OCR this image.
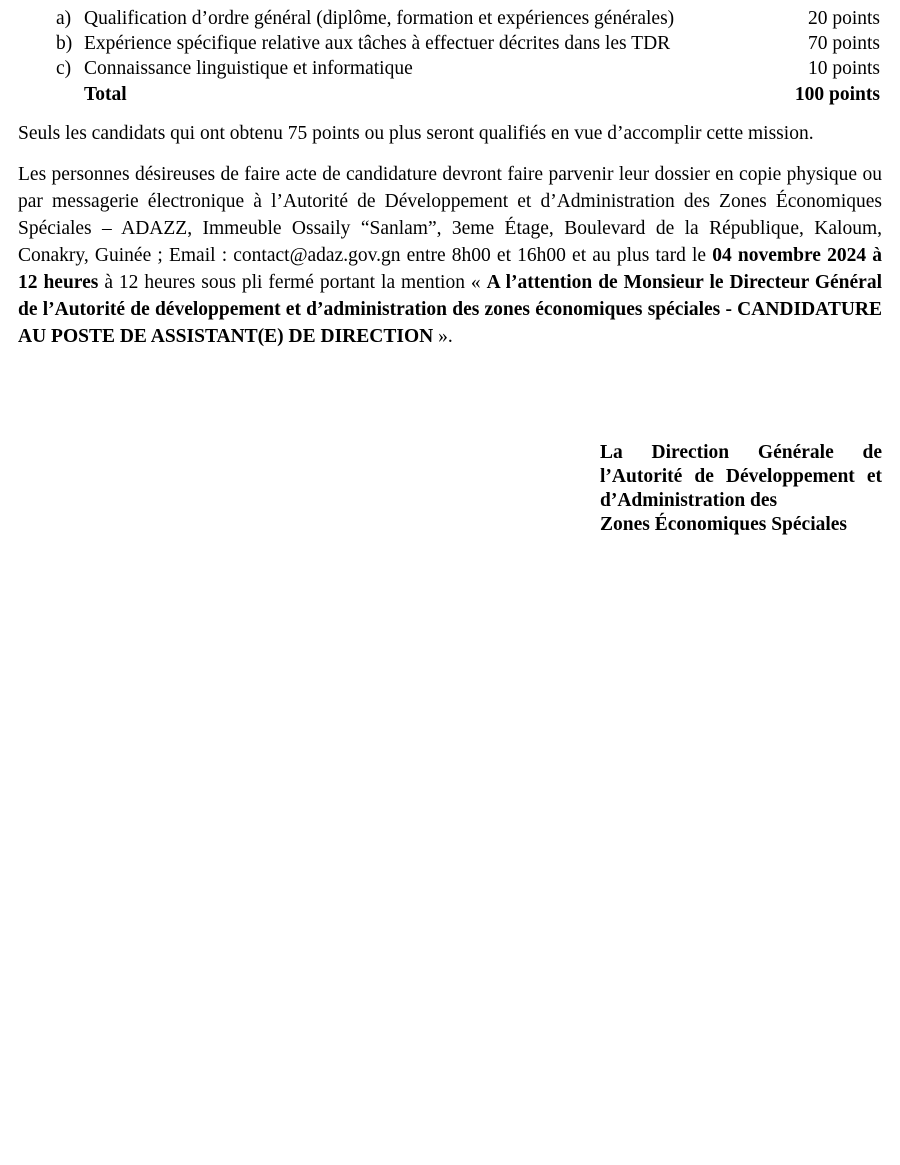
a) Qualification d’ordre général (diplôme, formation et expériences générales)	20 points
b) Expérience spécifique relative aux tâches à effectuer décrites dans les TDR	70 points
c) Connaissance linguistique et informatique	10 points
Total	100 points

Seuls les candidats qui ont obtenu 75 points ou plus seront qualifiés en vue d’accomplir cette mission.

Les personnes désireuses de faire acte de candidature devront faire parvenir leur dossier en copie physique ou par messagerie électronique à l’Autorité de Développement et d’Administration des Zones Économiques Spéciales – ADAZZ, Immeuble Ossaily “Sanlam”, 3eme Étage, Boulevard de la République, Kaloum, Conakry, Guinée ; Email : contact@adaz.gov.gn entre 8h00 et 16h00 et au plus tard le 04 novembre 2024 à 12 heures à 12 heures sous pli fermé portant la mention « A l’attention de Monsieur le Directeur Général de l’Autorité de développement et d’administration des zones économiques spéciales - CANDIDATURE AU POSTE DE ASSISTANT(E) DE DIRECTION ».

La Direction Générale de l’Autorité de Développement et d’Administration des

Zones Économiques Spéciales
